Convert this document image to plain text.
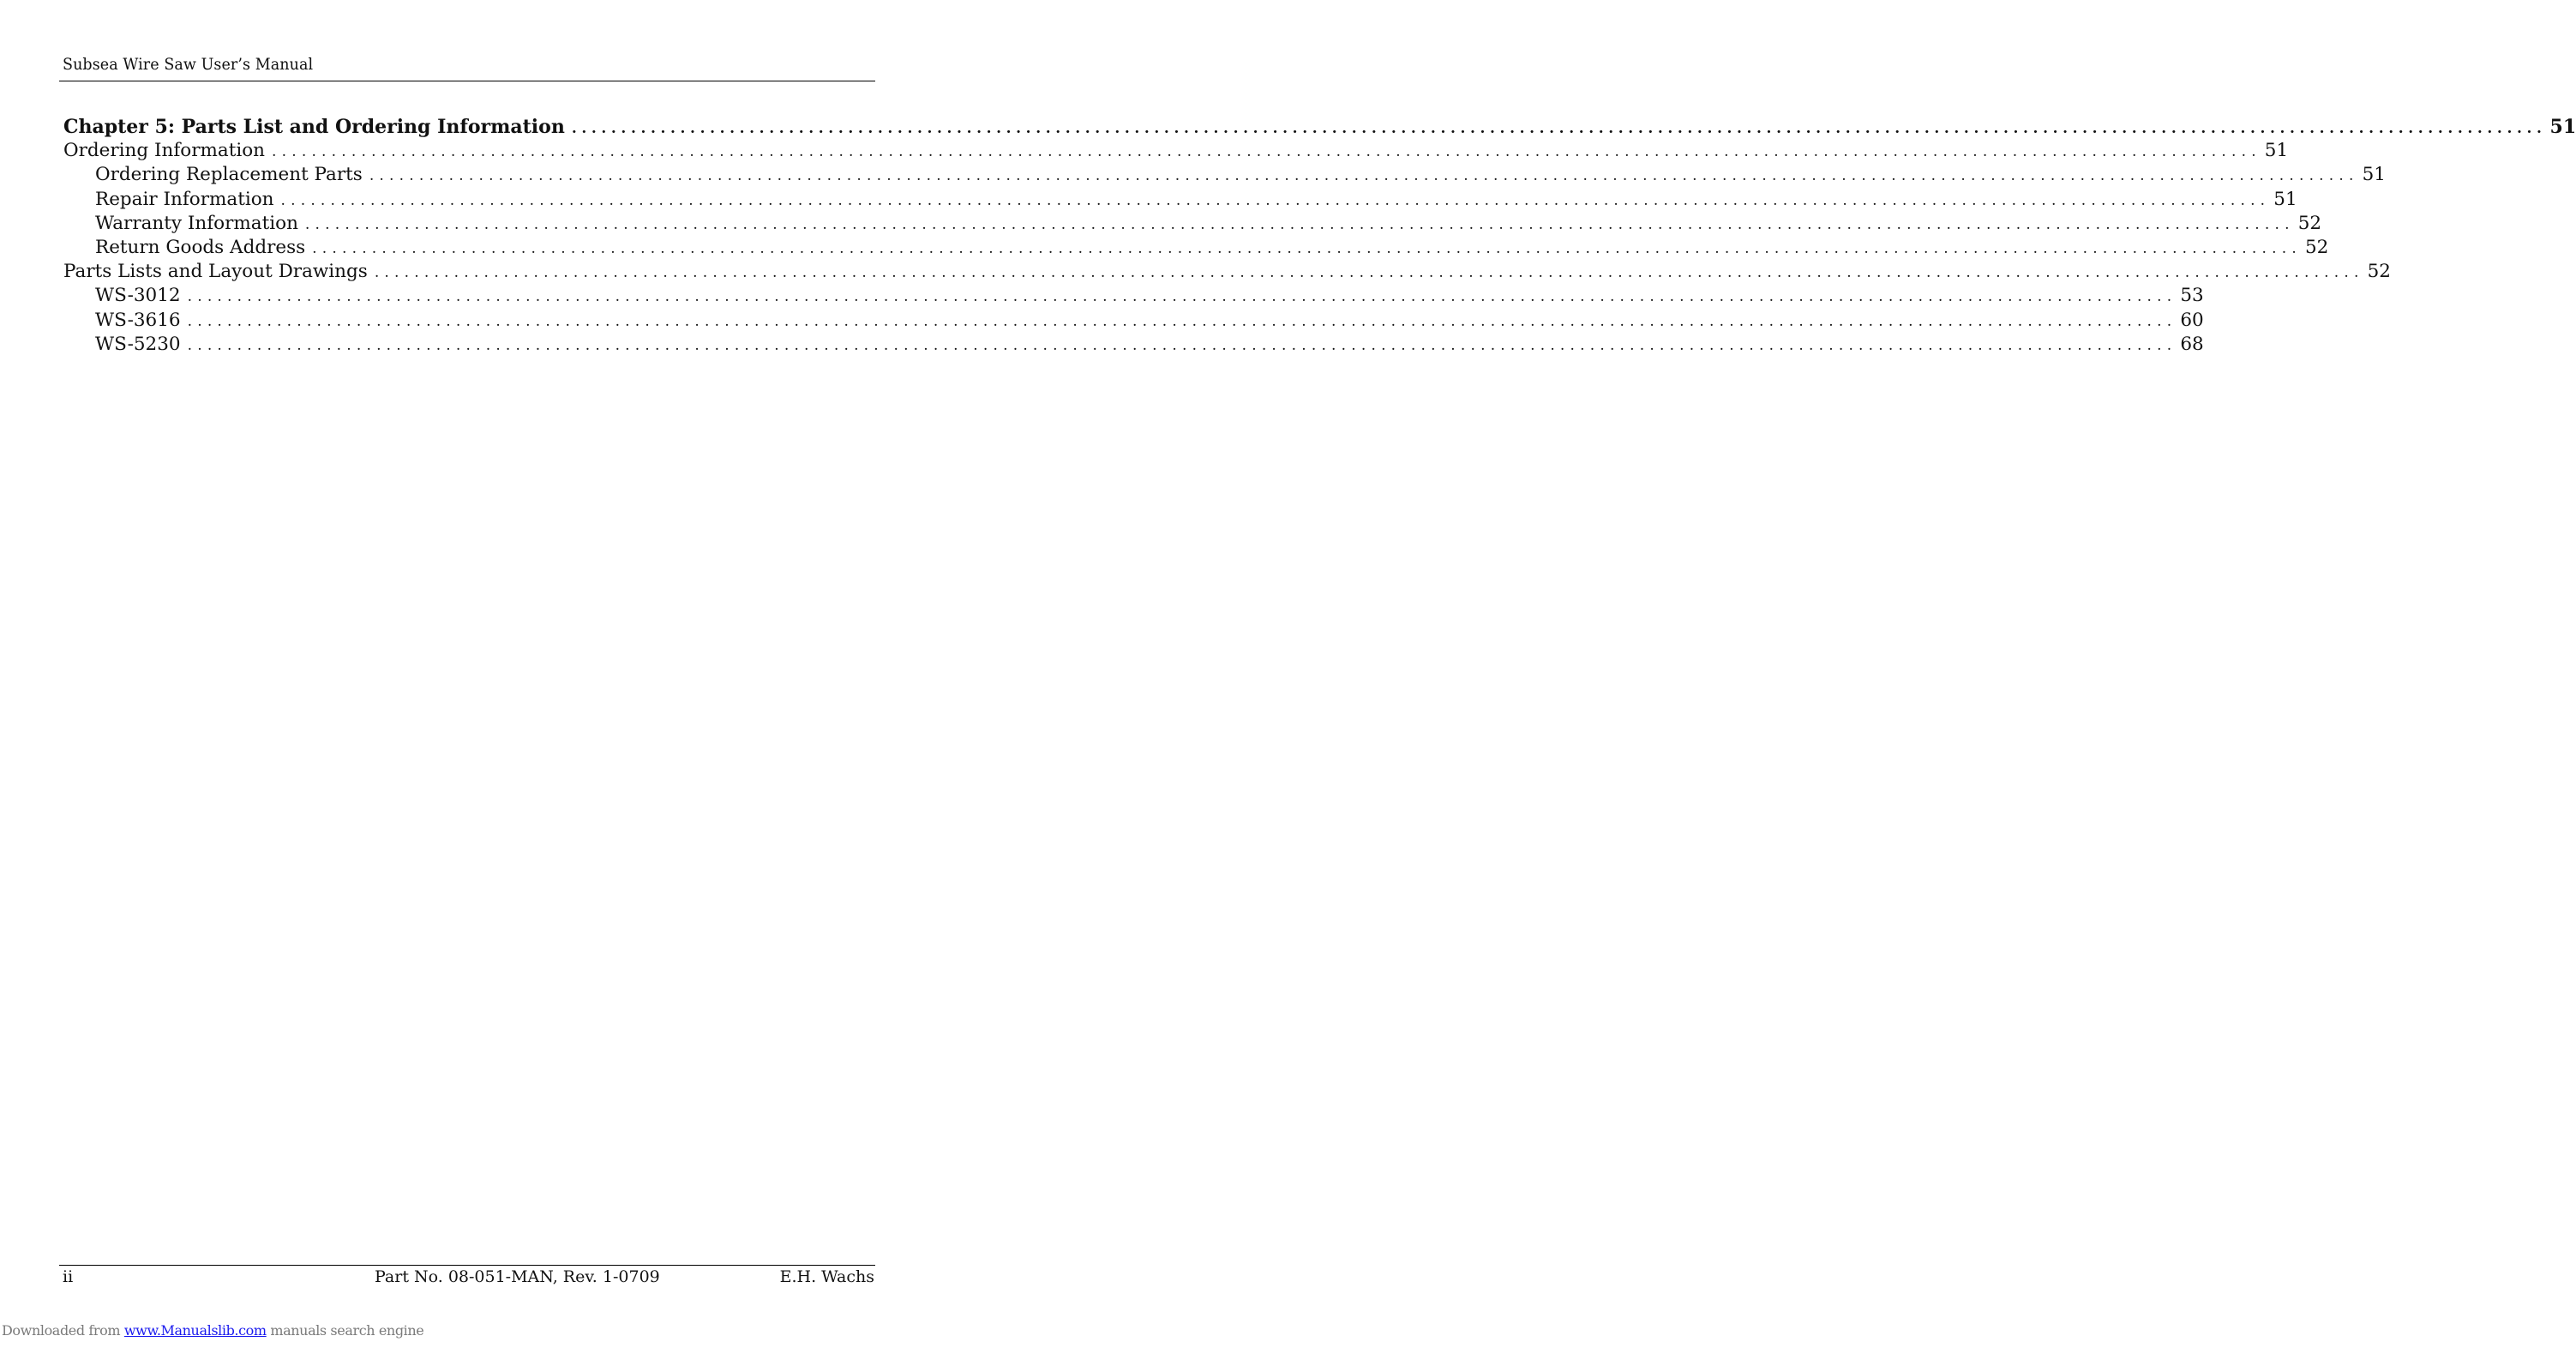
Subsea Wire Saw User’s Manual
Chapter 5: Parts List and Ordering Information ........................................................................................................................................................................................................ 51
Ordering Information ........................................................................................................................................................................................................ 51
Ordering Replacement Parts ........................................................................................................................................................................................................ 51
Repair Information ........................................................................................................................................................................................................ 51
Warranty Information ........................................................................................................................................................................................................ 52
Return Goods Address ........................................................................................................................................................................................................ 52
Parts Lists and Layout Drawings ........................................................................................................................................................................................................ 52
WS-3012 ........................................................................................................................................................................................................ 53
WS-3616 ........................................................................................................................................................................................................ 60
WS-5230 ........................................................................................................................................................................................................ 68
ii	Part No. 08-051-MAN, Rev. 1-0709	E.H. Wachs
Downloaded from www.Manualslib.com manuals search engine
